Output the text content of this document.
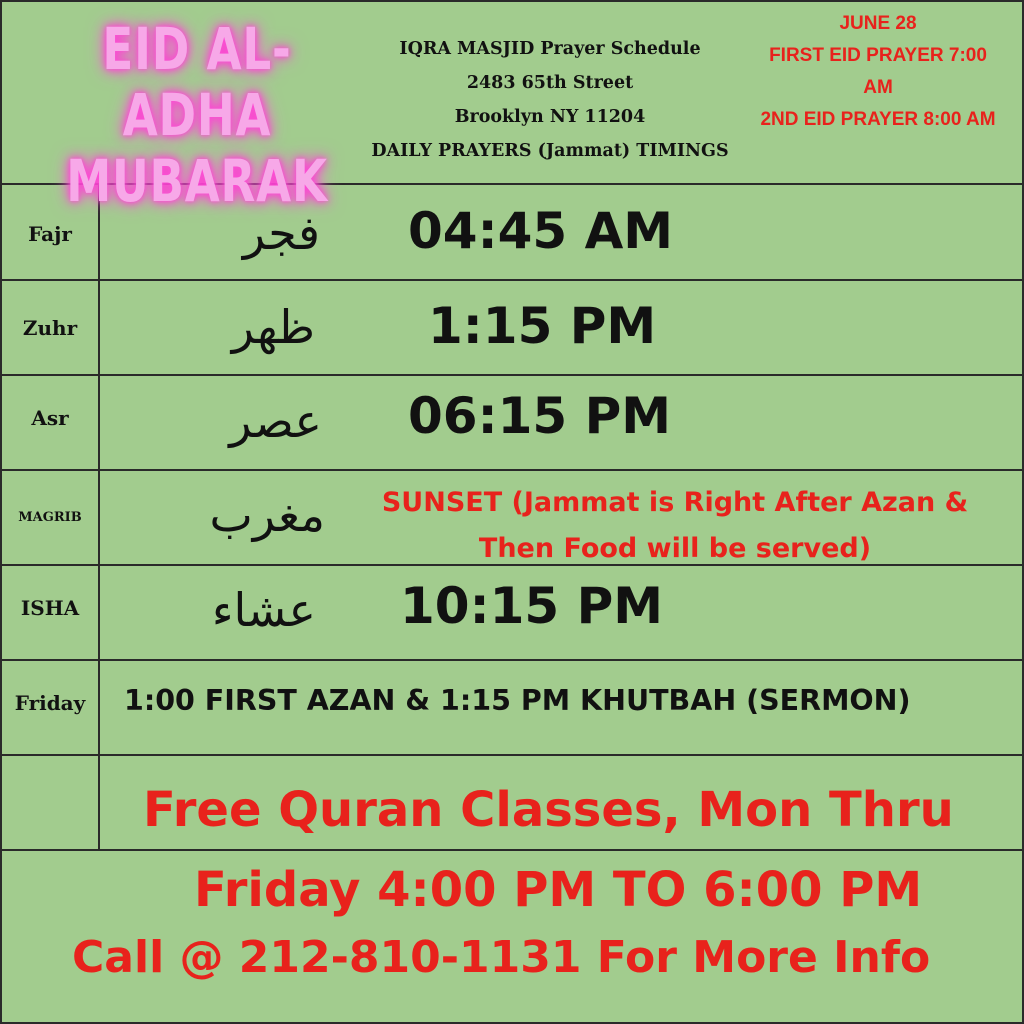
EID AL-ADHA
MUBARAK
IQRA MASJID Prayer Schedule
2483 65th Street
Brooklyn NY 11204
DAILY PRAYERS (Jammat) TIMINGS
JUNE 28
FIRST EID PRAYER 7:00
AM
2ND EID PRAYER 8:00 AM
Fajr	فجر 04:45 AM
Zuhr	ظهر 1:15 PM
Asr	عصر 06:15 PM
MAGRIB	مغرب	SUNSET (Jammat is Right After Azan &
Then Food will be served)
ISHA	عشاء 10:15 PM
Friday	1:00 FIRST AZAN & 1:15 PM KHUTBAH (SERMON)
Free Quran Classes, Mon Thru
Friday 4:00 PM TO 6:00 PM
Call @ 212-810-1131 For More Info
